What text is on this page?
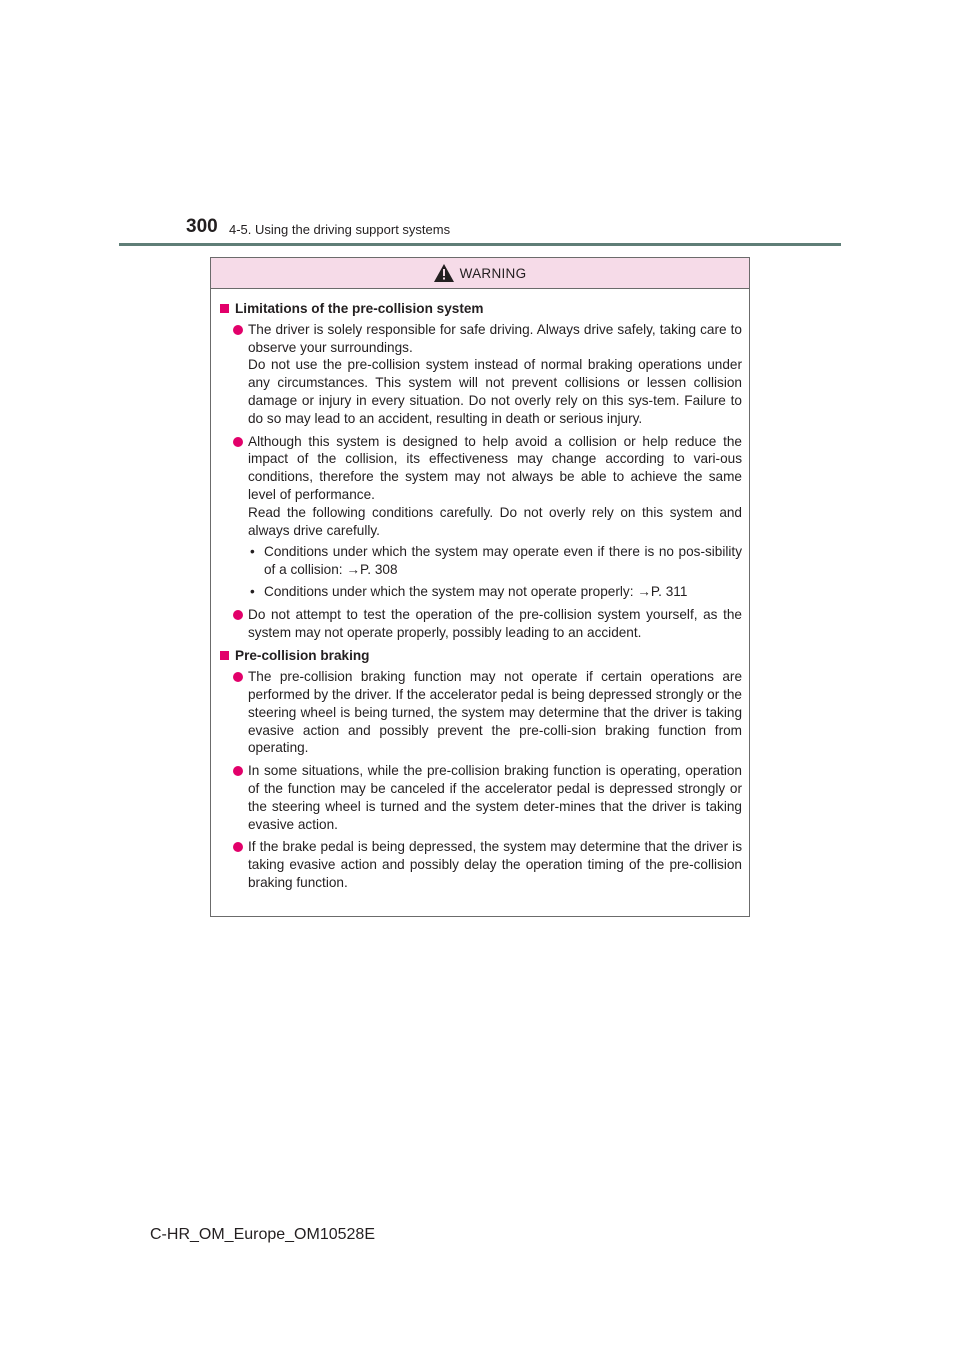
300 4-5. Using the driving support systems
WARNING
Limitations of the pre-collision system

The driver is solely responsible for safe driving. Always drive safely, taking care to observe your surroundings.

Do not use the pre-collision system instead of normal braking operations under any circumstances. This system will not prevent collisions or lessen collision damage or injury in every situation. Do not overly rely on this sys-tem. Failure to do so may lead to an accident, resulting in death or serious injury.

Although this system is designed to help avoid a collision or help reduce the impact of the collision, its effectiveness may change according to vari-ous conditions, therefore the system may not always be able to achieve the same level of performance.

Read the following conditions carefully. Do not overly rely on this system and always drive carefully.

• Conditions under which the system may operate even if there is no pos-sibility of a collision: →P. 308
• Conditions under which the system may not operate properly: →P. 311

Do not attempt to test the operation of the pre-collision system yourself, as the system may not operate properly, possibly leading to an accident.

Pre-collision braking

The pre-collision braking function may not operate if certain operations are performed by the driver. If the accelerator pedal is being depressed strongly or the steering wheel is being turned, the system may determine that the driver is taking evasive action and possibly prevent the pre-colli-sion braking function from operating.

In some situations, while the pre-collision braking function is operating, operation of the function may be canceled if the accelerator pedal is depressed strongly or the steering wheel is turned and the system deter-mines that the driver is taking evasive action.

If the brake pedal is being depressed, the system may determine that the driver is taking evasive action and possibly delay the operation timing of the pre-collision braking function.

C-HR_OM_Europe_OM10528E
